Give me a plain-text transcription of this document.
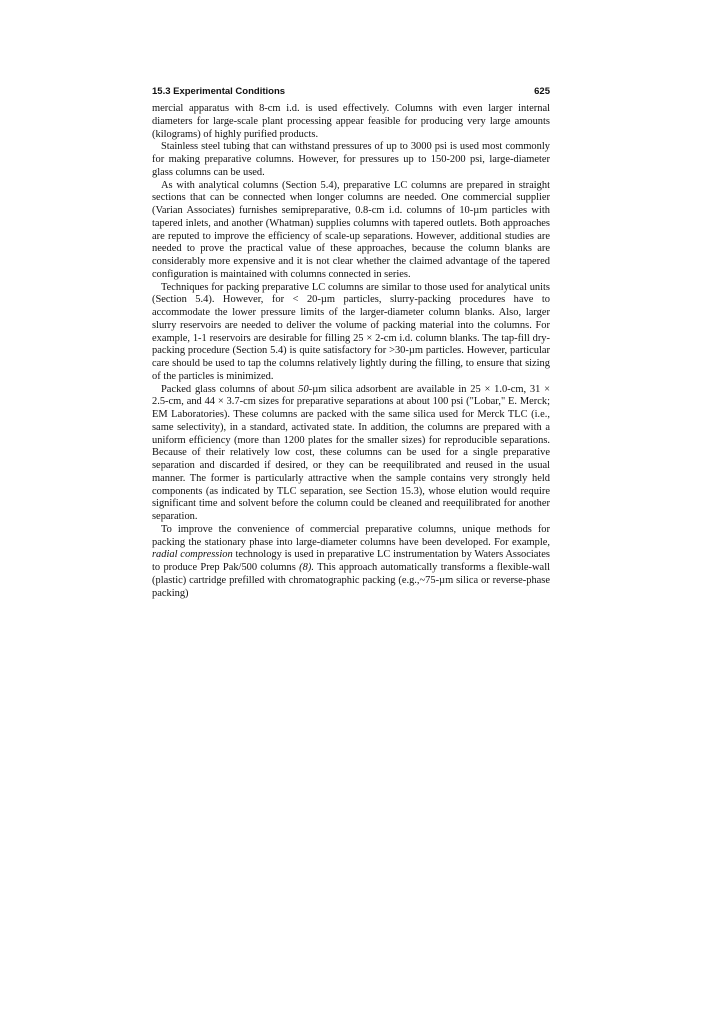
15.3 Experimental Conditions	625

mercial apparatus with 8-cm i.d. is used effectively. Columns with even larger internal diameters for large-scale plant processing appear feasible for producing very large amounts (kilograms) of highly purified products.

Stainless steel tubing that can withstand pressures of up to 3000 psi is used most commonly for making preparative columns. However, for pressures up to 150-200 psi, large-diameter glass columns can be used.

As with analytical columns (Section 5.4), preparative LC columns are prepared in straight sections that can be connected when longer columns are needed. One commercial supplier (Varian Associates) furnishes semipreparative, 0.8-cm i.d. columns of 10-µm particles with tapered inlets, and another (Whatman) supplies columns with tapered outlets. Both approaches are reputed to improve the efficiency of scale-up separations. However, additional studies are needed to prove the practical value of these approaches, because the column blanks are considerably more expensive and it is not clear whether the claimed advantage of the tapered configuration is maintained with columns connected in series.

Techniques for packing preparative LC columns are similar to those used for analytical units (Section 5.4). However, for < 20-µm particles, slurry-packing procedures have to accommodate the lower pressure limits of the larger-diameter column blanks. Also, larger slurry reservoirs are needed to deliver the volume of packing material into the columns. For example, 1-1 reservoirs are desirable for filling 25 × 2-cm i.d. column blanks. The tap-fill dry-packing procedure (Section 5.4) is quite satisfactory for >30-µm particles. However, particular care should be used to tap the columns relatively lightly during the filling, to ensure that sizing of the particles is minimized.

Packed glass columns of about 50-µm silica adsorbent are available in 25 × 1.0-cm, 31 × 2.5-cm, and 44 × 3.7-cm sizes for preparative separations at about 100 psi ("Lobar," E. Merck; EM Laboratories). These columns are packed with the same silica used for Merck TLC (i.e., same selectivity), in a standard, activated state. In addition, the columns are prepared with a uniform efficiency (more than 1200 plates for the smaller sizes) for reproducible separations. Because of their relatively low cost, these columns can be used for a single preparative separation and discarded if desired, or they can be reequilibrated and reused in the usual manner. The former is particularly attractive when the sample contains very strongly held components (as indicated by TLC separation, see Section 15.3), whose elution would require significant time and solvent before the column could be cleaned and reequilibrated for another separation.

To improve the convenience of commercial preparative columns, unique methods for packing the stationary phase into large-diameter columns have been developed. For example, radial compression technology is used in preparative LC instrumentation by Waters Associates to produce Prep Pak/500 columns (8). This approach automatically transforms a flexible-wall (plastic) cartridge prefilled with chromatographic packing (e.g.,~75-µm silica or reverse-phase packing)
